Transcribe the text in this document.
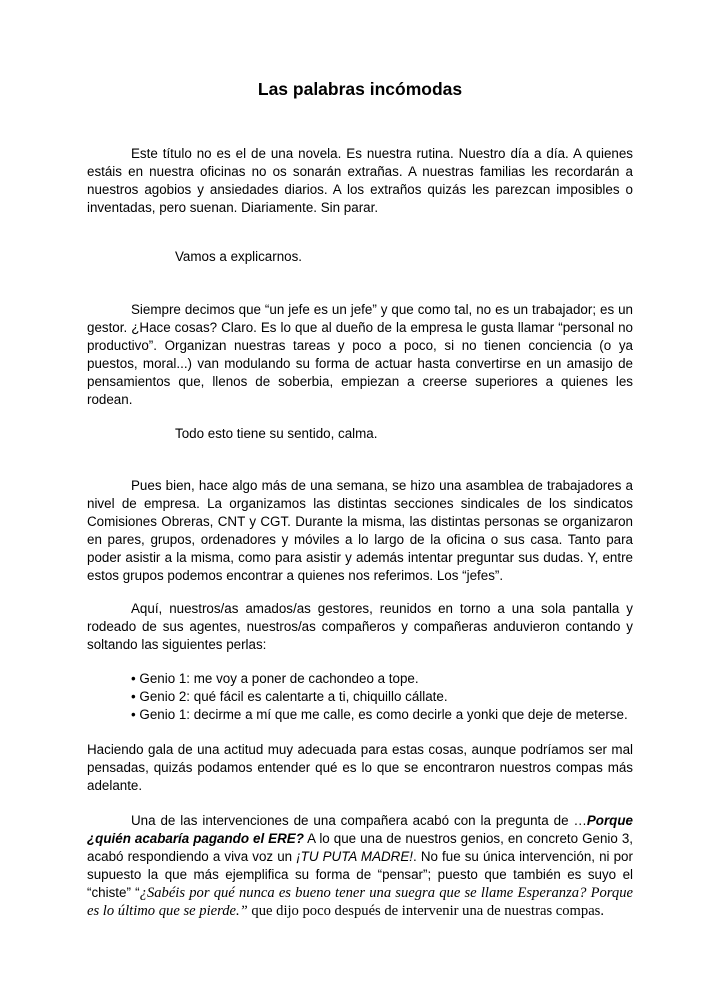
Las palabras incómodas

Este título no es el de una novela. Es nuestra rutina. Nuestro día a día. A quienes estáis en nuestra oficinas no os sonarán extrañas. A nuestras familias les recordarán a nuestros agobios y ansiedades diarios. A los extraños quizás les parezcan imposibles o inventadas, pero suenan. Diariamente. Sin parar.

Vamos a explicarnos.

Siempre decimos que “un jefe es un jefe” y que como tal, no es un trabajador; es un gestor. ¿Hace cosas? Claro. Es lo que al dueño de la empresa le gusta llamar “personal no productivo”. Organizan nuestras tareas y poco a poco, si no tienen conciencia (o ya puestos, moral...) van modulando su forma de actuar hasta convertirse en un amasijo de pensamientos que, llenos de soberbia, empiezan a creerse superiores a quienes les rodean.

Todo esto tiene su sentido, calma.

Pues bien, hace algo más de una semana, se hizo una asamblea de trabajadores a nivel de empresa. La organizamos las distintas secciones sindicales de los sindicatos Comisiones Obreras, CNT y CGT. Durante la misma, las distintas personas se organizaron en pares, grupos, ordenadores y móviles a lo largo de la oficina o sus casa. Tanto para poder asistir a la misma, como para asistir y además intentar preguntar sus dudas. Y, entre estos grupos podemos encontrar a quienes nos referimos. Los “jefes”.

Aquí, nuestros/as amados/as gestores, reunidos en torno a una sola pantalla y rodeado de sus agentes, nuestros/as compañeros y compañeras anduvieron contando y soltando las siguientes perlas:

• Genio 1: me voy a poner de cachondeo a tope.
• Genio 2: qué fácil es calentarte a ti, chiquillo cállate.
• Genio 1: decirme a mí que me calle, es como decirle a yonki que deje de meterse.

Haciendo gala de una actitud muy adecuada para estas cosas, aunque podríamos ser mal pensadas, quizás podamos entender qué es lo que se encontraron nuestros compas más adelante.

Una de las intervenciones de una compañera acabó con la pregunta de …Porque ¿quién acabaría pagando el ERE? A lo que una de nuestros genios, en concreto Genio 3, acabó respondiendo a viva voz un ¡TU PUTA MADRE!. No fue su única intervención, ni por supuesto la que más ejemplifica su forma de “pensar”; puesto que también es suyo el “chiste” “¿Sabéis por qué nunca es bueno tener una suegra que se llame Esperanza? Porque es lo último que se pierde.” que dijo poco después de intervenir una de nuestras compas.
